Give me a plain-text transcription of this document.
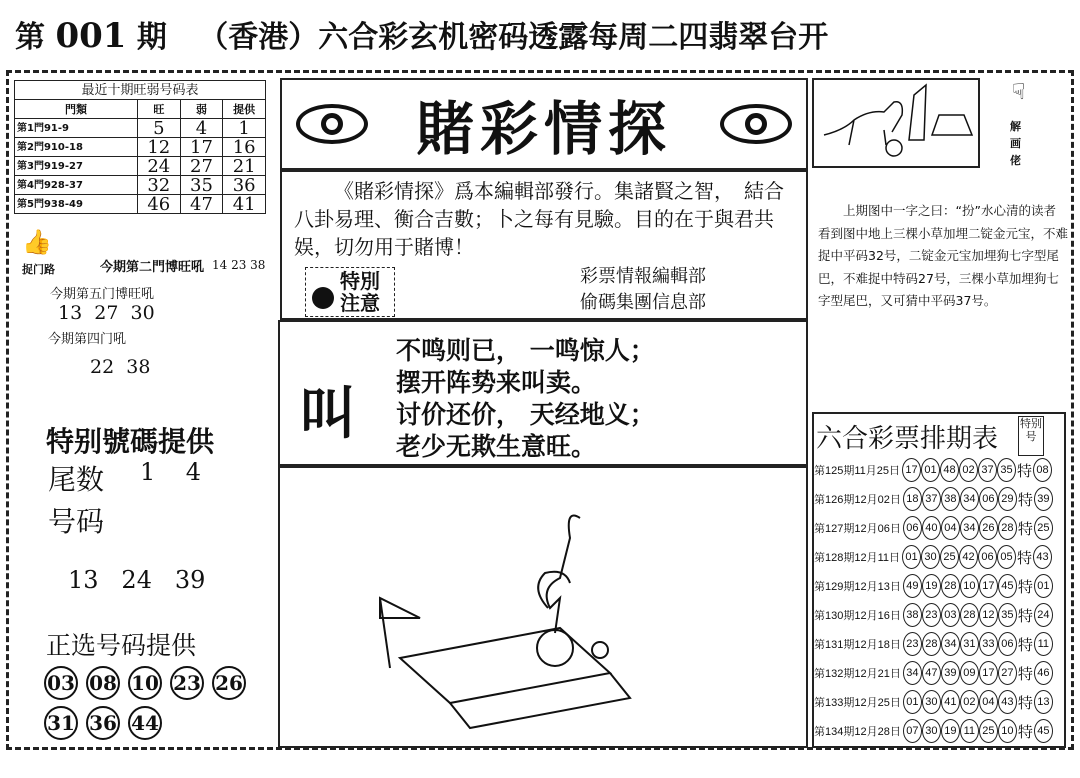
第 001 期 （香港）六合彩玄机密码透露每周二四翡翠台开
最近十期旺弱号码表			
門類	旺	弱	提供
第1門91-9	5	4	1
第2門910-18	12	17	16
第3門919-27	24	27	21
第4門928-37	32	35	36
第5門938-49	46	47	41
👍
捉门路	今期第二門博旺吼 14 23 38
今期第五门博旺吼
13  27  30
今期第四门吼
22  38
特别號碼提供
尾数 1    4
号码
13   24   39
正选号码提供
03 08 10 23 2631 36 44
賭彩情探
《賭彩情探》爲本編輯部發行。集諸賢之智，　結合八卦易理、衡合吉數；卜之每有見驗。目的在于與君共娱，切勿用于賭博！
特別
注意
彩票情報編輯部
偷碼集團信息部
叫
不鸣则已， 一鸣惊人；
摆开阵势来叫卖。
讨价还价， 天经地义；
老少无欺生意旺。
☟
解画佬
上期图中一字之曰：“扮”水心清的读者看到图中地上三棵小草加埋二锭金元宝，不难捉中平码32号，二锭金元宝加埋狗七字型尾巴，不难捉中特码27号，三棵小草加埋狗七字型尾巴，又可猜中平码37号。
六合彩票排期表
特别号
第125期11月25日 17 01 48 02 37 35 特 08
第126期12月02日 18 37 38 34 06 29 特 39
第127期12月06日 06 40 04 34 26 28 特 25
第128期12月11日 01 30 25 42 06 05 特 43
第129期12月13日 49 19 28 10 17 45 特 01
第130期12月16日 38 23 03 28 12 35 特 24
第131期12月18日 23 28 34 31 33 06 特 11
第132期12月21日 34 47 39 09 17 27 特 46
第133期12月25日 01 30 41 02 04 43 特 13
第134期12月28日 07 30 19 11 25 10 特 45
